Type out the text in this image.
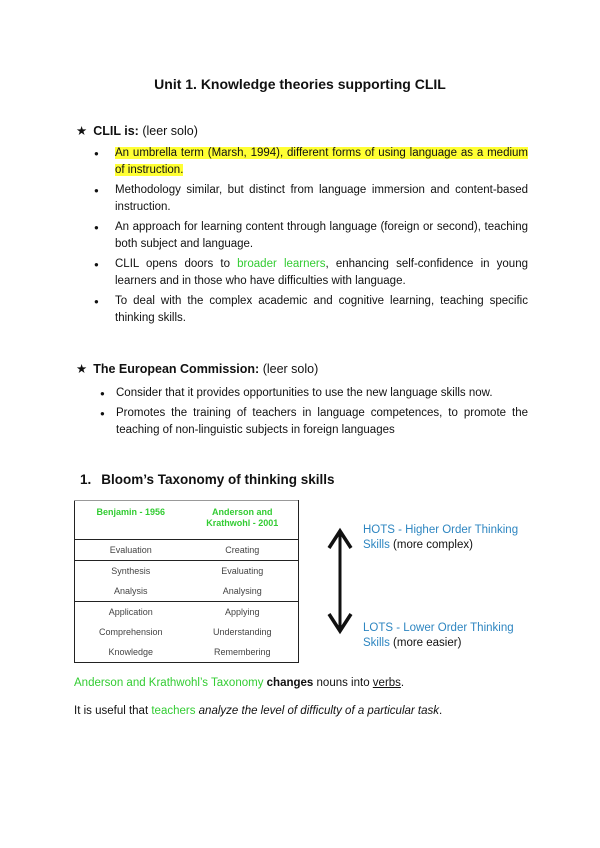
Unit 1. Knowledge theories supporting CLIL
★ CLIL is: (leer solo)
● An umbrella term (Marsh, 1994), different forms of using language as a medium of instruction.
● Methodology similar, but distinct from language immersion and content-based instruction.
● An approach for learning content through language (foreign or second), teaching both subject and language.
● CLIL opens doors to broader learners, enhancing self-confidence in young learners and in those who have difficulties with language.
● To deal with the complex academic and cognitive learning, teaching specific thinking skills.
★ The European Commission: (leer solo)
● Consider that it provides opportunities to use the new language skills now.
● Promotes the training of teachers in language competences, to promote the teaching of non-linguistic subjects in foreign languages
1. Bloom’s Taxonomy of thinking skills
Benjamin - 1956	Anderson and
Krathwohl - 2001
Evaluation	Creating
Synthesis	Evaluating
Analysis	Analysing
Application	Applying
Comprehension	Understanding
Knowledge	Remembering
HOTS - Higher Order Thinking Skills (more complex)
LOTS - Lower Order Thinking Skills (more easier)
Anderson and Krathwohl’s Taxonomy changes nouns into verbs.
It is useful that teachers analyze the level of difficulty of a particular task.
